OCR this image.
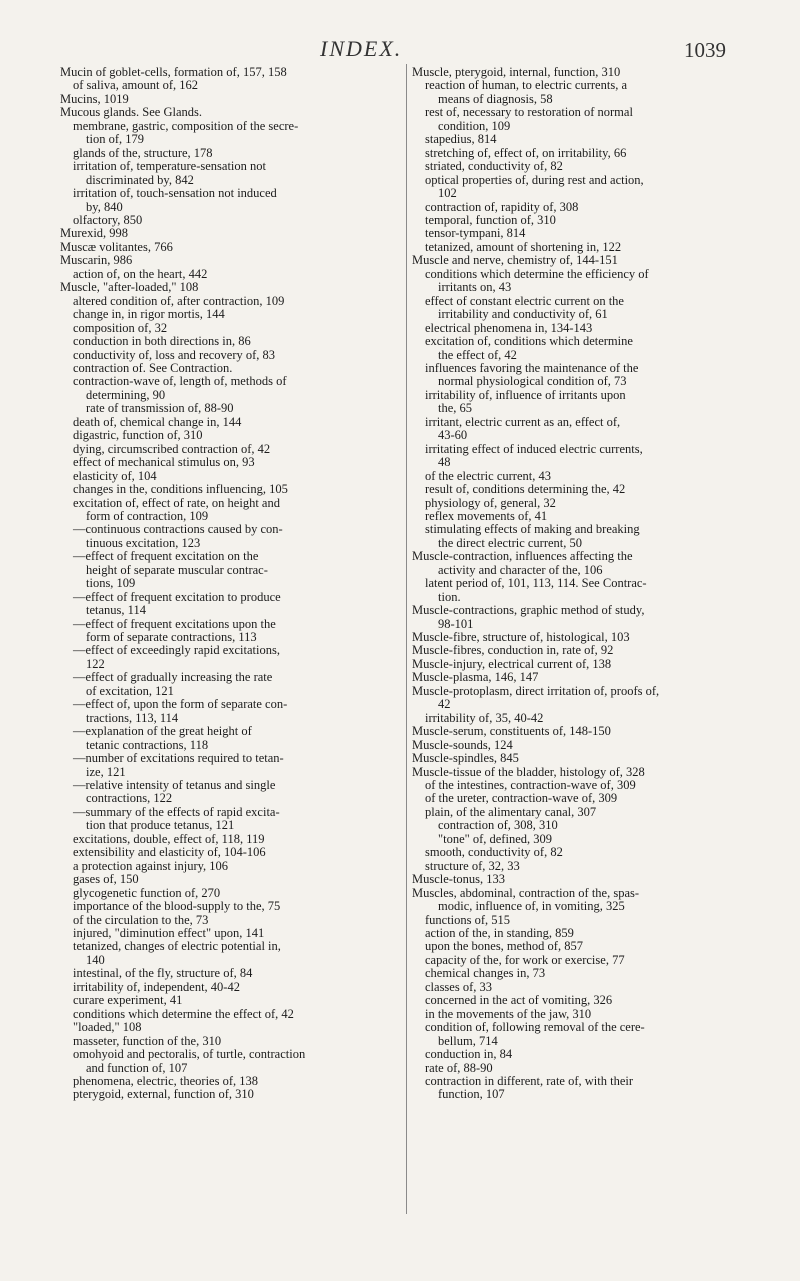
INDEX.	1039
Mucin of goblet-cells, formation of, 157, 158
of saliva, amount of, 162
Mucins, 1019
Mucous glands. See Glands.
membrane, gastric, composition of the secre-
tion of, 179
glands of the, structure, 178
irritation of, temperature-sensation not
discriminated by, 842
irritation of, touch-sensation not induced
by, 840
olfactory, 850
Murexid, 998
Muscæ volitantes, 766
Muscarin, 986
action of, on the heart, 442
Muscle, "after-loaded," 108
altered condition of, after contraction, 109
change in, in rigor mortis, 144
composition of, 32
conduction in both directions in, 86
conductivity of, loss and recovery of, 83
contraction of. See Contraction.
contraction-wave of, length of, methods of
determining, 90
rate of transmission of, 88-90
death of, chemical change in, 144
digastric, function of, 310
dying, circumscribed contraction of, 42
effect of mechanical stimulus on, 93
elasticity of, 104
changes in the, conditions influencing, 105
excitation of, effect of rate, on height and
form of contraction, 109
—continuous contractions caused by con-
tinuous excitation, 123
—effect of frequent excitation on the
height of separate muscular contrac-
tions, 109
—effect of frequent excitation to produce
tetanus, 114
—effect of frequent excitations upon the
form of separate contractions, 113
—effect of exceedingly rapid excitations,
122
—effect of gradually increasing the rate
of excitation, 121
—effect of, upon the form of separate con-
tractions, 113, 114
—explanation of the great height of
tetanic contractions, 118
—number of excitations required to tetan-
ize, 121
—relative intensity of tetanus and single
contractions, 122
—summary of the effects of rapid excita-
tion that produce tetanus, 121
excitations, double, effect of, 118, 119
extensibility and elasticity of, 104-106
a protection against injury, 106
gases of, 150
glycogenetic function of, 270
importance of the blood-supply to the, 75
of the circulation to the, 73
injured, "diminution effect" upon, 141
tetanized, changes of electric potential in,
140
intestinal, of the fly, structure of, 84
irritability of, independent, 40-42
curare experiment, 41
conditions which determine the effect of, 42
"loaded," 108
masseter, function of the, 310
omohyoid and pectoralis, of turtle, contraction
and function of, 107
phenomena, electric, theories of, 138
pterygoid, external, function of, 310
Muscle, pterygoid, internal, function, 310
reaction of human, to electric currents, a
means of diagnosis, 58
rest of, necessary to restoration of normal
condition, 109
stapedius, 814
stretching of, effect of, on irritability, 66
striated, conductivity of, 82
optical properties of, during rest and action,
102
contraction of, rapidity of, 308
temporal, function of, 310
tensor-tympani, 814
tetanized, amount of shortening in, 122
Muscle and nerve, chemistry of, 144-151
conditions which determine the efficiency of
irritants on, 43
effect of constant electric current on the
irritability and conductivity of, 61
electrical phenomena in, 134-143
excitation of, conditions which determine
the effect of, 42
influences favoring the maintenance of the
normal physiological condition of, 73
irritability of, influence of irritants upon
the, 65
irritant, electric current as an, effect of,
43-60
irritating effect of induced electric currents,
48
of the electric current, 43
result of, conditions determining the, 42
physiology of, general, 32
reflex movements of, 41
stimulating effects of making and breaking
the direct electric current, 50
Muscle-contraction, influences affecting the
activity and character of the, 106
latent period of, 101, 113, 114. See Contrac-
tion.
Muscle-contractions, graphic method of study,
98-101
Muscle-fibre, structure of, histological, 103
Muscle-fibres, conduction in, rate of, 92
Muscle-injury, electrical current of, 138
Muscle-plasma, 146, 147
Muscle-protoplasm, direct irritation of, proofs of,
42
irritability of, 35, 40-42
Muscle-serum, constituents of, 148-150
Muscle-sounds, 124
Muscle-spindles, 845
Muscle-tissue of the bladder, histology of, 328
of the intestines, contraction-wave of, 309
of the ureter, contraction-wave of, 309
plain, of the alimentary canal, 307
contraction of, 308, 310
"tone" of, defined, 309
smooth, conductivity of, 82
structure of, 32, 33
Muscle-tonus, 133
Muscles, abdominal, contraction of the, spas-
modic, influence of, in vomiting, 325
functions of, 515
action of the, in standing, 859
upon the bones, method of, 857
capacity of the, for work or exercise, 77
chemical changes in, 73
classes of, 33
concerned in the act of vomiting, 326
in the movements of the jaw, 310
condition of, following removal of the cere-
bellum, 714
conduction in, 84
rate of, 88-90
contraction in different, rate of, with their
function, 107
